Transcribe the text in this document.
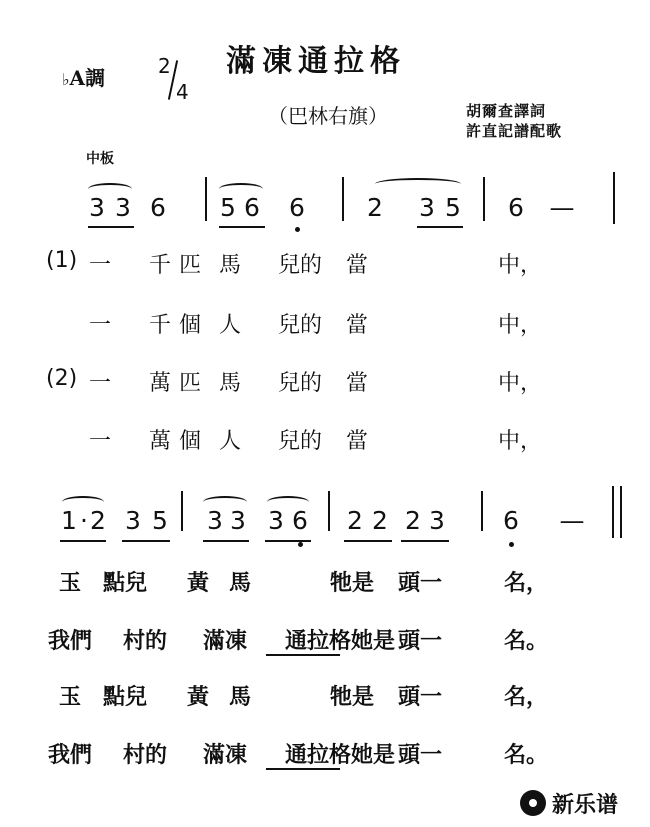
滿凍通拉格
♭A調	2
4
（巴林右旗）	胡爾查譯詞
許直記譜配歌
中板
3 3 6 5 6 6 2 3 5 6 —
(1) 一 千 匹 馬 兒的 當	中，
一 千 個 人 兒的 當	中，
(2) 一 萬 匹 馬 兒的 當	中，
一 萬 個 人 兒的 當	中，
1 · 2 3 5 3 3 3 6 2 2 2 3 6 —
玉 點兒 黃 馬	牠是 頭一	名，
我們 村的 滿凍 通拉格她是 頭一	名。
玉 點兒 黃 馬	牠是 頭一	名，
我們 村的 滿凍 通拉格她是 頭一	名。
新乐谱
